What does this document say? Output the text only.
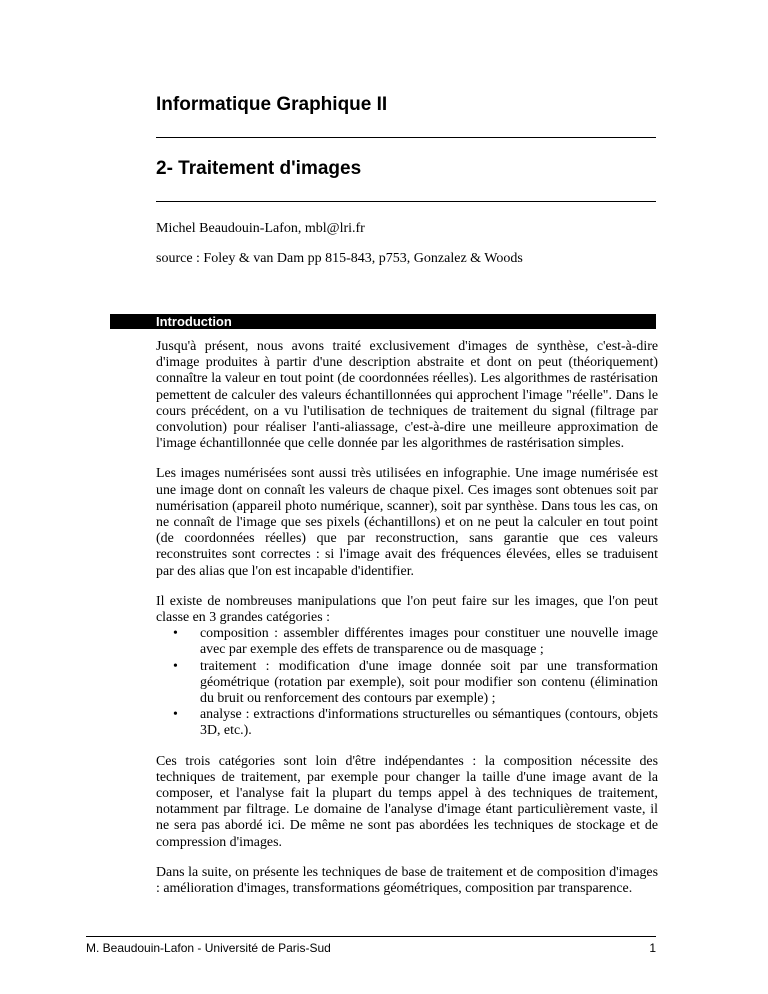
Informatique Graphique II
2- Traitement d'images
Michel Beaudouin-Lafon, mbl@lri.fr
source : Foley & van Dam pp 815-843, p753, Gonzalez & Woods
Introduction

Jusqu'à présent, nous avons traité exclusivement d'images de synthèse, c'est-à-dire d'image produites à partir d'une description abstraite et dont on peut (théoriquement) connaître la valeur en tout point (de coordonnées réelles). Les algorithmes de rastérisation pemettent de calculer des valeurs échantillonnées qui approchent l'image "réelle". Dans le cours précédent, on a vu l'utilisation de techniques de traitement du signal (filtrage par convolution) pour réaliser l'anti-aliassage, c'est-à-dire une meilleure approximation de l'image échantillonnée que celle donnée par les algorithmes de rastérisation simples.

Les images numérisées sont aussi très utilisées en infographie. Une image numérisée est une image dont on connaît les valeurs de chaque pixel. Ces images sont obtenues soit par numérisation (appareil photo numérique, scanner), soit par synthèse. Dans tous les cas, on ne connaît de l'image que ses pixels (échantillons) et on ne peut la calculer en tout point (de coordonnées réelles) que par reconstruction, sans garantie que ces valeurs reconstruites sont correctes : si l'image avait des fréquences élevées, elles se traduisent par des alias que l'on est incapable d'identifier.

Il existe de nombreuses manipulations que l'on peut faire sur les images, que l'on peut classe en 3 grandes catégories :

• composition : assembler différentes images pour constituer une nouvelle image avec par exemple des effets de transparence ou de masquage ;
• traitement : modification d'une image donnée soit par une transformation géométrique (rotation par exemple), soit pour modifier son contenu (élimination du bruit ou renforcement des contours par exemple) ;
• analyse : extractions d'informations structurelles ou sémantiques (contours, objets 3D, etc.).

Ces trois catégories sont loin d'être indépendantes : la composition nécessite des techniques de traitement, par exemple pour changer la taille d'une image avant de la composer, et l'analyse fait la plupart du temps appel à des techniques de traitement, notamment par filtrage. Le domaine de l'analyse d'image étant particulièrement vaste, il ne sera pas abordé ici. De même ne sont pas abordées les techniques de stockage et de compression d'images.

Dans la suite, on présente les techniques de base de traitement et de composition d'images : amélioration d'images, transformations géométriques, composition par transparence.

M. Beaudouin-Lafon - Université de Paris-Sud	1
